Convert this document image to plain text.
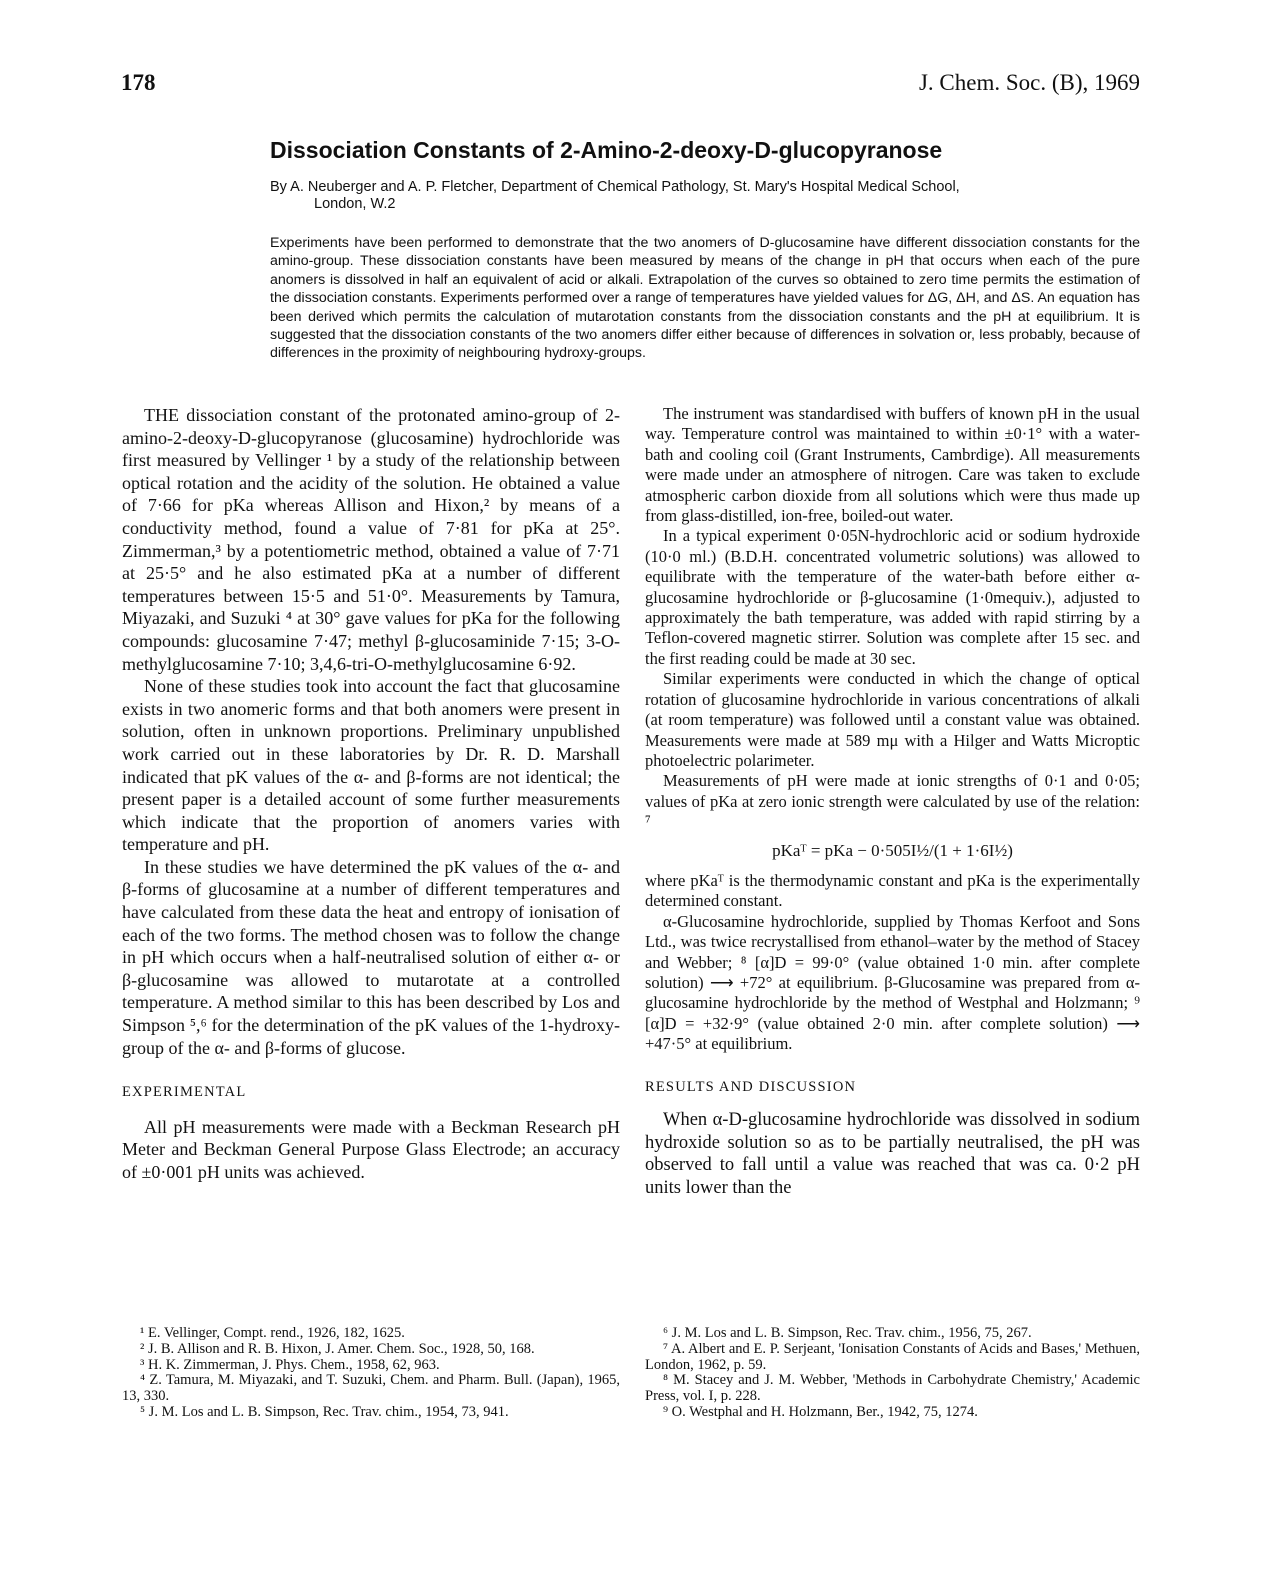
178	J. Chem. Soc. (B), 1969
Dissociation Constants of 2-Amino-2-deoxy-D-glucopyranose
By A. Neuberger and A. P. Fletcher, Department of Chemical Pathology, St. Mary's Hospital Medical School,
London, W.2
Experiments have been performed to demonstrate that the two anomers of D-glucosamine have different dissociation constants for the amino-group. These dissociation constants have been measured by means of the change in pH that occurs when each of the pure anomers is dissolved in half an equivalent of acid or alkali. Extrapolation of the curves so obtained to zero time permits the estimation of the dissociation constants. Experiments performed over a range of temperatures have yielded values for ΔG, ΔH, and ΔS. An equation has been derived which permits the calculation of mutarotation constants from the dissociation constants and the pH at equilibrium. It is suggested that the dissociation constants of the two anomers differ either because of differences in solvation or, less probably, because of differences in the proximity of neighbouring hydroxy-groups.

THE dissociation constant of the protonated amino-group of 2-amino-2-deoxy-D-glucopyranose (glucosamine) hydrochloride was first measured by Vellinger ¹ by a study of the relationship between optical rotation and the acidity of the solution. He obtained a value of 7·66 for pKa whereas Allison and Hixon,² by means of a conductivity method, found a value of 7·81 for pKa at 25°. Zimmerman,³ by a potentiometric method, obtained a value of 7·71 at 25·5° and he also estimated pKa at a number of different temperatures between 15·5 and 51·0°. Measurements by Tamura, Miyazaki, and Suzuki ⁴ at 30° gave values for pKa for the following compounds: glucosamine 7·47; methyl β-glucosaminide 7·15; 3-O-methylglucosamine 7·10; 3,4,6-tri-O-methylglucosamine 6·92.

None of these studies took into account the fact that glucosamine exists in two anomeric forms and that both anomers were present in solution, often in unknown proportions. Preliminary unpublished work carried out in these laboratories by Dr. R. D. Marshall indicated that pK values of the α- and β-forms are not identical; the present paper is a detailed account of some further measurements which indicate that the proportion of anomers varies with temperature and pH.

In these studies we have determined the pK values of the α- and β-forms of glucosamine at a number of different temperatures and have calculated from these data the heat and entropy of ionisation of each of the two forms. The method chosen was to follow the change in pH which occurs when a half-neutralised solution of either α- or β-glucosamine was allowed to mutarotate at a controlled temperature. A method similar to this has been described by Los and Simpson ⁵,⁶ for the determination of the pK values of the 1-hydroxy-group of the α- and β-forms of glucose.

EXPERIMENTAL

All pH measurements were made with a Beckman Research pH Meter and Beckman General Purpose Glass Electrode; an accuracy of ±0·001 pH units was achieved.

The instrument was standardised with buffers of known pH in the usual way. Temperature control was maintained to within ±0·1° with a water-bath and cooling coil (Grant Instruments, Cambrdige). All measurements were made under an atmosphere of nitrogen. Care was taken to exclude atmospheric carbon dioxide from all solutions which were thus made up from glass-distilled, ion-free, boiled-out water.

In a typical experiment 0·05N-hydrochloric acid or sodium hydroxide (10·0 ml.) (B.D.H. concentrated volumetric solutions) was allowed to equilibrate with the temperature of the water-bath before either α-glucosamine hydrochloride or β-glucosamine (1·0mequiv.), adjusted to approximately the bath temperature, was added with rapid stirring by a Teflon-covered magnetic stirrer. Solution was complete after 15 sec. and the first reading could be made at 30 sec.

Similar experiments were conducted in which the change of optical rotation of glucosamine hydrochloride in various concentrations of alkali (at room temperature) was followed until a constant value was obtained. Measurements were made at 589 mμ with a Hilger and Watts Microptic photoelectric polarimeter.

Measurements of pH were made at ionic strengths of 0·1 and 0·05; values of pKa at zero ionic strength were calculated by use of the relation: ⁷

pKaᵀ = pKa − 0·505I½/(1 + 1·6I½)

where pKaᵀ is the thermodynamic constant and pKa is the experimentally determined constant.

α-Glucosamine hydrochloride, supplied by Thomas Kerfoot and Sons Ltd., was twice recrystallised from ethanol–water by the method of Stacey and Webber; ⁸ [α]D = 99·0° (value obtained 1·0 min. after complete solution) ⟶ +72° at equilibrium. β-Glucosamine was prepared from α-glucosamine hydrochloride by the method of Westphal and Holzmann; ⁹ [α]D = +32·9° (value obtained 2·0 min. after complete solution) ⟶ +47·5° at equilibrium.

RESULTS AND DISCUSSION

When α-D-glucosamine hydrochloride was dissolved in sodium hydroxide solution so as to be partially neutralised, the pH was observed to fall until a value was reached that was ca. 0·2 pH units lower than the

¹ E. Vellinger, Compt. rend., 1926, 182, 1625.

² J. B. Allison and R. B. Hixon, J. Amer. Chem. Soc., 1928, 50, 168.

³ H. K. Zimmerman, J. Phys. Chem., 1958, 62, 963.

⁴ Z. Tamura, M. Miyazaki, and T. Suzuki, Chem. and Pharm. Bull. (Japan), 1965, 13, 330.

⁵ J. M. Los and L. B. Simpson, Rec. Trav. chim., 1954, 73, 941.

⁶ J. M. Los and L. B. Simpson, Rec. Trav. chim., 1956, 75, 267.

⁷ A. Albert and E. P. Serjeant, 'Ionisation Constants of Acids and Bases,' Methuen, London, 1962, p. 59.

⁸ M. Stacey and J. M. Webber, 'Methods in Carbohydrate Chemistry,' Academic Press, vol. I, p. 228.

⁹ O. Westphal and H. Holzmann, Ber., 1942, 75, 1274.
